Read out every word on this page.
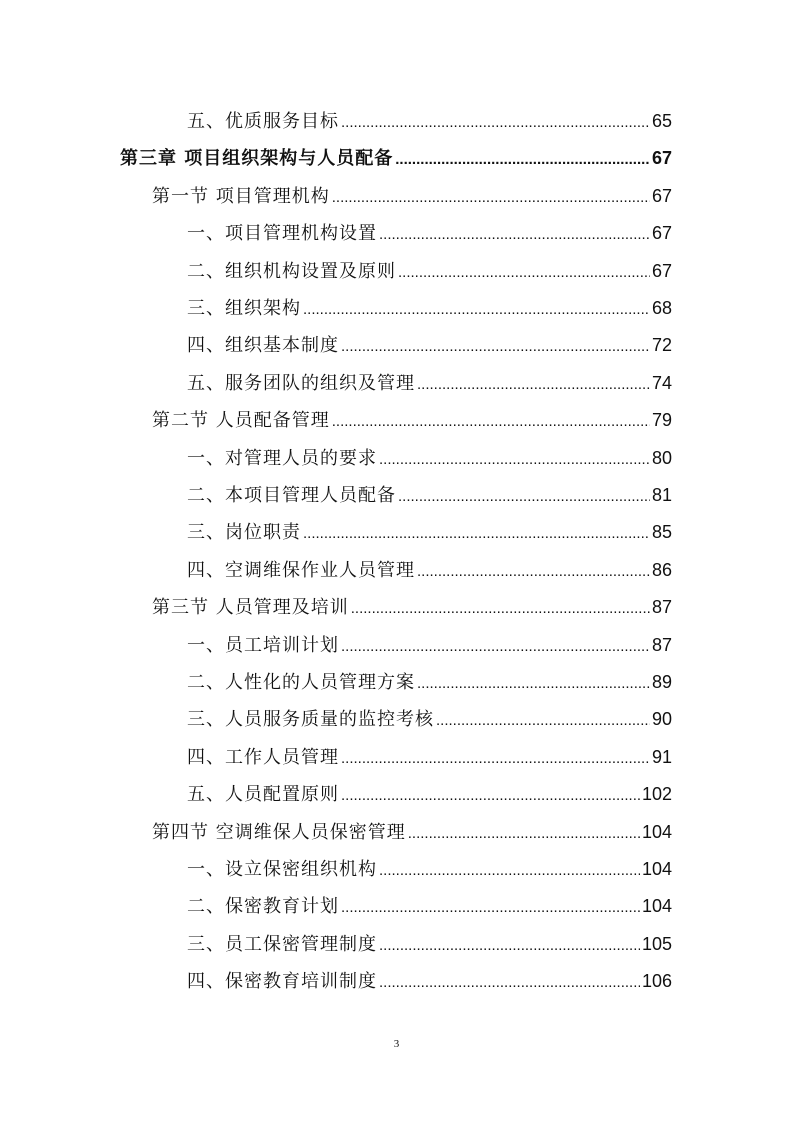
五、优质服务目标 .....	65
第三章 项目组织架构与人员配备 .....	67
第一节 项目管理机构 .....	67
一、项目管理机构设置 .....	67
二、组织机构设置及原则 .....	67
三、组织架构 .....	68
四、组织基本制度 .....	72
五、服务团队的组织及管理 .....	74
第二节 人员配备管理 .....	79
一、对管理人员的要求 .....	80
二、本项目管理人员配备 .....	81
三、岗位职责 .....	85
四、空调维保作业人员管理 .....	86
第三节 人员管理及培训 .....	87
一、员工培训计划 .....	87
二、人性化的人员管理方案 .....	89
三、人员服务质量的监控考核 .....	90
四、工作人员管理 .....	91
五、人员配置原则 .....	102
第四节 空调维保人员保密管理 .....	104
一、设立保密组织机构 .....	104
二、保密教育计划 .....	104
三、员工保密管理制度 .....	105
四、保密教育培训制度 .....	106
3
